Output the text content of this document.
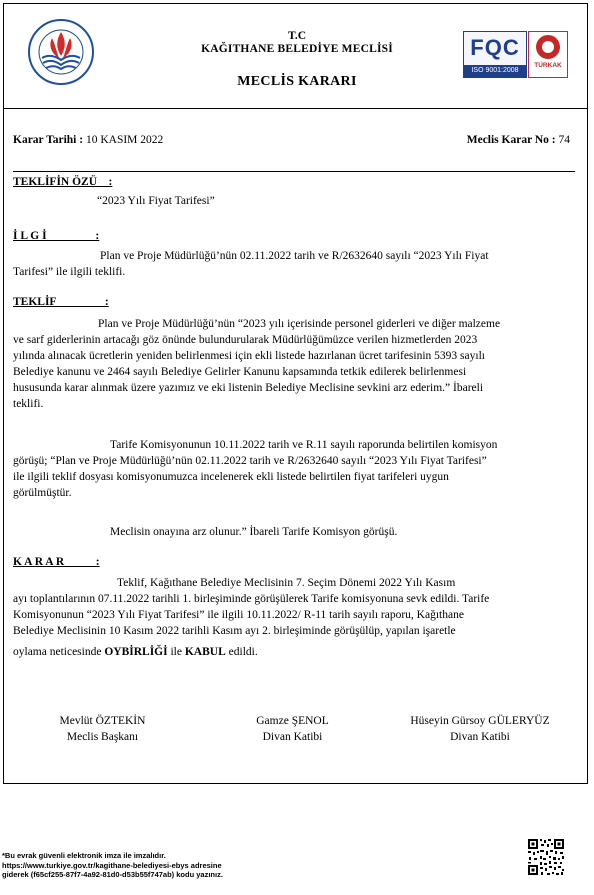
T.C
KAĞITHANE BELEDİYE MECLİSİ
MECLİS KARARI
FQC
ISO 9001:2008
TÜRKAK
Karar Tarihi : 10 KASIM 2022	Meclis Karar No : 74
TEKLİFİN ÖZÜ    :
“2023 Yılı Fiyat Tarifesi”
İ L G İ                 :
Plan ve Proje Müdürlüğü’nün 02.11.2022 tarih ve R/2632640 sayılı “2023 Yılı Fiyat
Tarifesi” ile ilgili teklifi.
TEKLİF                 :
Plan ve Proje Müdürlüğü’nün “2023 yılı içerisinde personel giderleri ve diğer malzeme
ve sarf giderlerinin artacağı göz önünde bulundurularak Müdürlüğümüzce verilen hizmetlerden 2023
yılında alınacak ücretlerin yeniden belirlenmesi için ekli listede hazırlanan ücret tarifesinin 5393 sayılı
Belediye kanunu ve 2464 sayılı Belediye Gelirler Kanunu kapsamında tetkik edilerek belirlenmesi
hususunda karar alınmak üzere yazımız ve eki listenin Belediye Meclisine sevkini arz ederim.” İbareli
teklifi.
Tarife Komisyonunun 10.11.2022 tarih ve R.11 sayılı raporunda belirtilen komisyon
görüşü; “Plan ve Proje Müdürlüğü’nün 02.11.2022 tarih ve R/2632640 sayılı “2023 Yılı Fiyat Tarifesi”
ile ilgili teklif dosyası komisyonumuzca incelenerek ekli listede belirtilen fiyat tarifeleri uygun
görülmüştür.
Meclisin onayına arz olunur.” İbareli Tarife Komisyon görüşü.
K A R A R           :
Teklif, Kağıthane Belediye Meclisinin 7. Seçim Dönemi 2022 Yılı Kasım
ayı toplantılarının 07.11.2022 tarihli 1. birleşiminde görüşülerek Tarife komisyonuna sevk edildi. Tarife
Komisyonunun “2023 Yılı Fiyat Tarifesi” ile ilgili 10.11.2022/ R-11 tarih sayılı raporu, Kağıthane
Belediye Meclisinin 10 Kasım 2022 tarihli Kasım ayı 2. birleşiminde görüşülüp, yapılan işaretle
oylama neticesinde OYBİRLİĞİ ile KABUL edildi.
Mevlüt ÖZTEKİN
Meclis Başkanı
Gamze ŞENOL
Divan Katibi
Hüseyin Gürsoy GÜLERYÜZ
Divan Katibi
*Bu evrak güvenli elektronik imza ile imzalıdır.
https://www.turkiye.gov.tr/kagithane-belediyesi-ebys adresine
giderek (f65cf255-87f7-4a92-81d0-d53b55f747ab) kodu yazınız.
